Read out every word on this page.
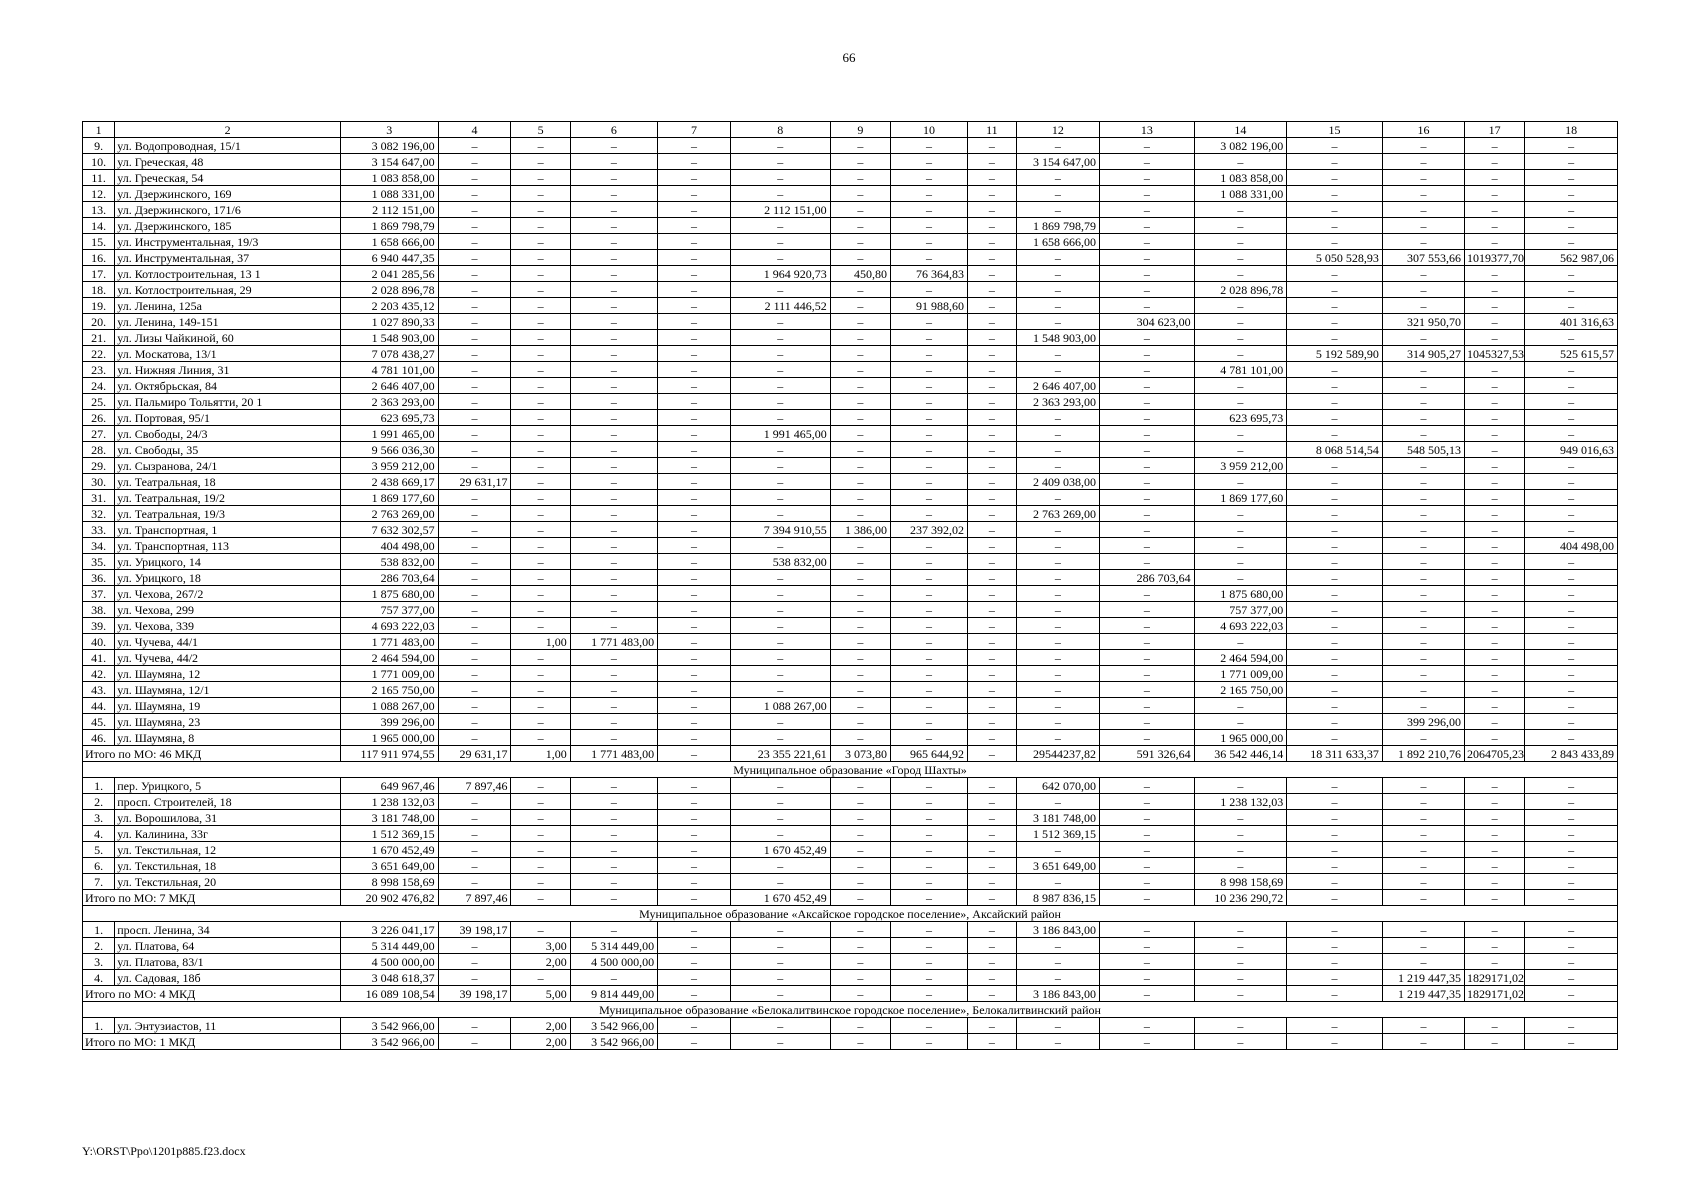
66
1	2	3	4	5	6	7	8	9	10	11	12	13	14	15	16	17	18
9.	ул. Водопроводная, 15/1	3 082 196,00	–	–	–	–	–	–	–	–	–	–	3 082 196,00	–	–	–	–
10.	ул. Греческая, 48	3 154 647,00	–	–	–	–	–	–	–	–	3 154 647,00	–	–	–	–	–	–
11.	ул. Греческая, 54	1 083 858,00	–	–	–	–	–	–	–	–	–	–	1 083 858,00	–	–	–	–
12.	ул. Дзержинского, 169	1 088 331,00	–	–	–	–	–	–	–	–	–	–	1 088 331,00	–	–	–	–
13.	ул. Дзержинского, 171/6	2 112 151,00	–	–	–	–	2 112 151,00	–	–	–	–	–	–	–	–	–	–
14.	ул. Дзержинского, 185	1 869 798,79	–	–	–	–	–	–	–	–	1 869 798,79	–	–	–	–	–	–
15.	ул. Инструментальная, 19/3	1 658 666,00	–	–	–	–	–	–	–	–	1 658 666,00	–	–	–	–	–	–
16.	ул. Инструментальная, 37	6 940 447,35	–	–	–	–	–	–	–	–	–	–	–	5 050 528,93	307 553,66	1019377,70	562 987,06
17.	ул. Котлостроительная, 13 1	2 041 285,56	–	–	–	–	1 964 920,73	450,80	76 364,83	–	–	–	–	–	–	–	–
18.	ул. Котлостроительная, 29	2 028 896,78	–	–	–	–	–	–	–	–	–	–	2 028 896,78	–	–	–	–
19.	ул. Ленина, 125а	2 203 435,12	–	–	–	–	2 111 446,52	–	91 988,60	–	–	–	–	–	–	–	–
20.	ул. Ленина, 149-151	1 027 890,33	–	–	–	–	–	–	–	–	–	304 623,00	–	–	321 950,70	–	401 316,63
21.	ул. Лизы Чайкиной, 60	1 548 903,00	–	–	–	–	–	–	–	–	1 548 903,00	–	–	–	–	–	–
22.	ул. Москатова, 13/1	7 078 438,27	–	–	–	–	–	–	–	–	–	–	–	5 192 589,90	314 905,27	1045327,53	525 615,57
23.	ул. Нижняя Линия, 31	4 781 101,00	–	–	–	–	–	–	–	–	–	–	4 781 101,00	–	–	–	–
24.	ул. Октябрьская, 84	2 646 407,00	–	–	–	–	–	–	–	–	2 646 407,00	–	–	–	–	–	–
25.	ул. Пальмиро Тольятти, 20 1	2 363 293,00	–	–	–	–	–	–	–	–	2 363 293,00	–	–	–	–	–	–
26.	ул. Портовая, 95/1	623 695,73	–	–	–	–	–	–	–	–	–	–	623 695,73	–	–	–	–
27.	ул. Свободы, 24/3	1 991 465,00	–	–	–	–	1 991 465,00	–	–	–	–	–	–	–	–	–	–
28.	ул. Свободы, 35	9 566 036,30	–	–	–	–	–	–	–	–	–	–	–	8 068 514,54	548 505,13	–	949 016,63
29.	ул. Сызранова, 24/1	3 959 212,00	–	–	–	–	–	–	–	–	–	–	3 959 212,00	–	–	–	–
30.	ул. Театральная, 18	2 438 669,17	29 631,17	–	–	–	–	–	–	–	2 409 038,00	–	–	–	–	–	–
31.	ул. Театральная, 19/2	1 869 177,60	–	–	–	–	–	–	–	–	–	–	1 869 177,60	–	–	–	–
32.	ул. Театральная, 19/3	2 763 269,00	–	–	–	–	–	–	–	–	2 763 269,00	–	–	–	–	–	–
33.	ул. Транспортная, 1	7 632 302,57	–	–	–	–	7 394 910,55	1 386,00	237 392,02	–	–	–	–	–	–	–	–
34.	ул. Транспортная, 113	404 498,00	–	–	–	–	–	–	–	–	–	–	–	–	–	–	404 498,00
35.	ул. Урицкого, 14	538 832,00	–	–	–	–	538 832,00	–	–	–	–	–	–	–	–	–	–
36.	ул. Урицкого, 18	286 703,64	–	–	–	–	–	–	–	–	–	286 703,64	–	–	–	–	–
37.	ул. Чехова, 267/2	1 875 680,00	–	–	–	–	–	–	–	–	–	–	1 875 680,00	–	–	–	–
38.	ул. Чехова, 299	757 377,00	–	–	–	–	–	–	–	–	–	–	757 377,00	–	–	–	–
39.	ул. Чехова, 339	4 693 222,03	–	–	–	–	–	–	–	–	–	–	4 693 222,03	–	–	–	–
40.	ул. Чучева, 44/1	1 771 483,00	–	1,00	1 771 483,00	–	–	–	–	–	–	–	–	–	–	–	–
41.	ул. Чучева, 44/2	2 464 594,00	–	–	–	–	–	–	–	–	–	–	2 464 594,00	–	–	–	–
42.	ул. Шаумяна, 12	1 771 009,00	–	–	–	–	–	–	–	–	–	–	1 771 009,00	–	–	–	–
43.	ул. Шаумяна, 12/1	2 165 750,00	–	–	–	–	–	–	–	–	–	–	2 165 750,00	–	–	–	–
44.	ул. Шаумяна, 19	1 088 267,00	–	–	–	–	1 088 267,00	–	–	–	–	–	–	–	–	–	–
45.	ул. Шаумяна, 23	399 296,00	–	–	–	–	–	–	–	–	–	–	–	–	399 296,00	–	–
46.	ул. Шаумяна, 8	1 965 000,00	–	–	–	–	–	–	–	–	–	–	1 965 000,00	–	–	–	–
Итого по МО: 46 МКД		117 911 974,55	29 631,17	1,00	1 771 483,00	–	23 355 221,61	3 073,80	965 644,92	–	29544237,82	591 326,64	36 542 446,14	18 311 633,37	1 892 210,76	2064705,23	2 843 433,89
Муниципальное образование «Город Шахты»																	
1.	пер. Урицкого, 5	649 967,46	7 897,46	–	–	–	–	–	–	–	642 070,00	–	–	–	–	–	–
2.	просп. Строителей, 18	1 238 132,03	–	–	–	–	–	–	–	–	–	–	1 238 132,03	–	–	–	–
3.	ул. Ворошилова, 31	3 181 748,00	–	–	–	–	–	–	–	–	3 181 748,00	–	–	–	–	–	–
4.	ул. Калинина, 33г	1 512 369,15	–	–	–	–	–	–	–	–	1 512 369,15	–	–	–	–	–	–
5.	ул. Текстильная, 12	1 670 452,49	–	–	–	–	1 670 452,49	–	–	–	–	–	–	–	–	–	–
6.	ул. Текстильная, 18	3 651 649,00	–	–	–	–	–	–	–	–	3 651 649,00	–	–	–	–	–	–
7.	ул. Текстильная, 20	8 998 158,69	–	–	–	–	–	–	–	–	–	–	8 998 158,69	–	–	–	–
Итого по МО: 7 МКД		20 902 476,82	7 897,46	–	–	–	1 670 452,49	–	–	–	8 987 836,15	–	10 236 290,72	–	–	–	–
Муниципальное образование «Аксайское городское поселение», Аксайский район																	
1.	просп. Ленина, 34	3 226 041,17	39 198,17	–	–	–	–	–	–	–	3 186 843,00	–	–	–	–	–	–
2.	ул. Платова, 64	5 314 449,00	–	3,00	5 314 449,00	–	–	–	–	–	–	–	–	–	–	–	–
3.	ул. Платова, 83/1	4 500 000,00	–	2,00	4 500 000,00	–	–	–	–	–	–	–	–	–	–	–	–
4.	ул. Садовая, 18б	3 048 618,37	–	–	–	–	–	–	–	–	–	–	–	–	1 219 447,35	1829171,02	–
Итого по МО: 4 МКД		16 089 108,54	39 198,17	5,00	9 814 449,00	–	–	–	–	–	3 186 843,00	–	–	–	1 219 447,35	1829171,02	–
Муниципальное образование «Белокалитвинское городское поселение», Белокалитвинский район																	
1.	ул. Энтузиастов, 11	3 542 966,00	–	2,00	3 542 966,00	–	–	–	–	–	–	–	–	–	–	–	–
Итого по МО: 1 МКД		3 542 966,00	–	2,00	3 542 966,00	–	–	–	–	–	–	–	–	–	–	–	–
Y:\ORST\Ppo\1201p885.f23.docx
